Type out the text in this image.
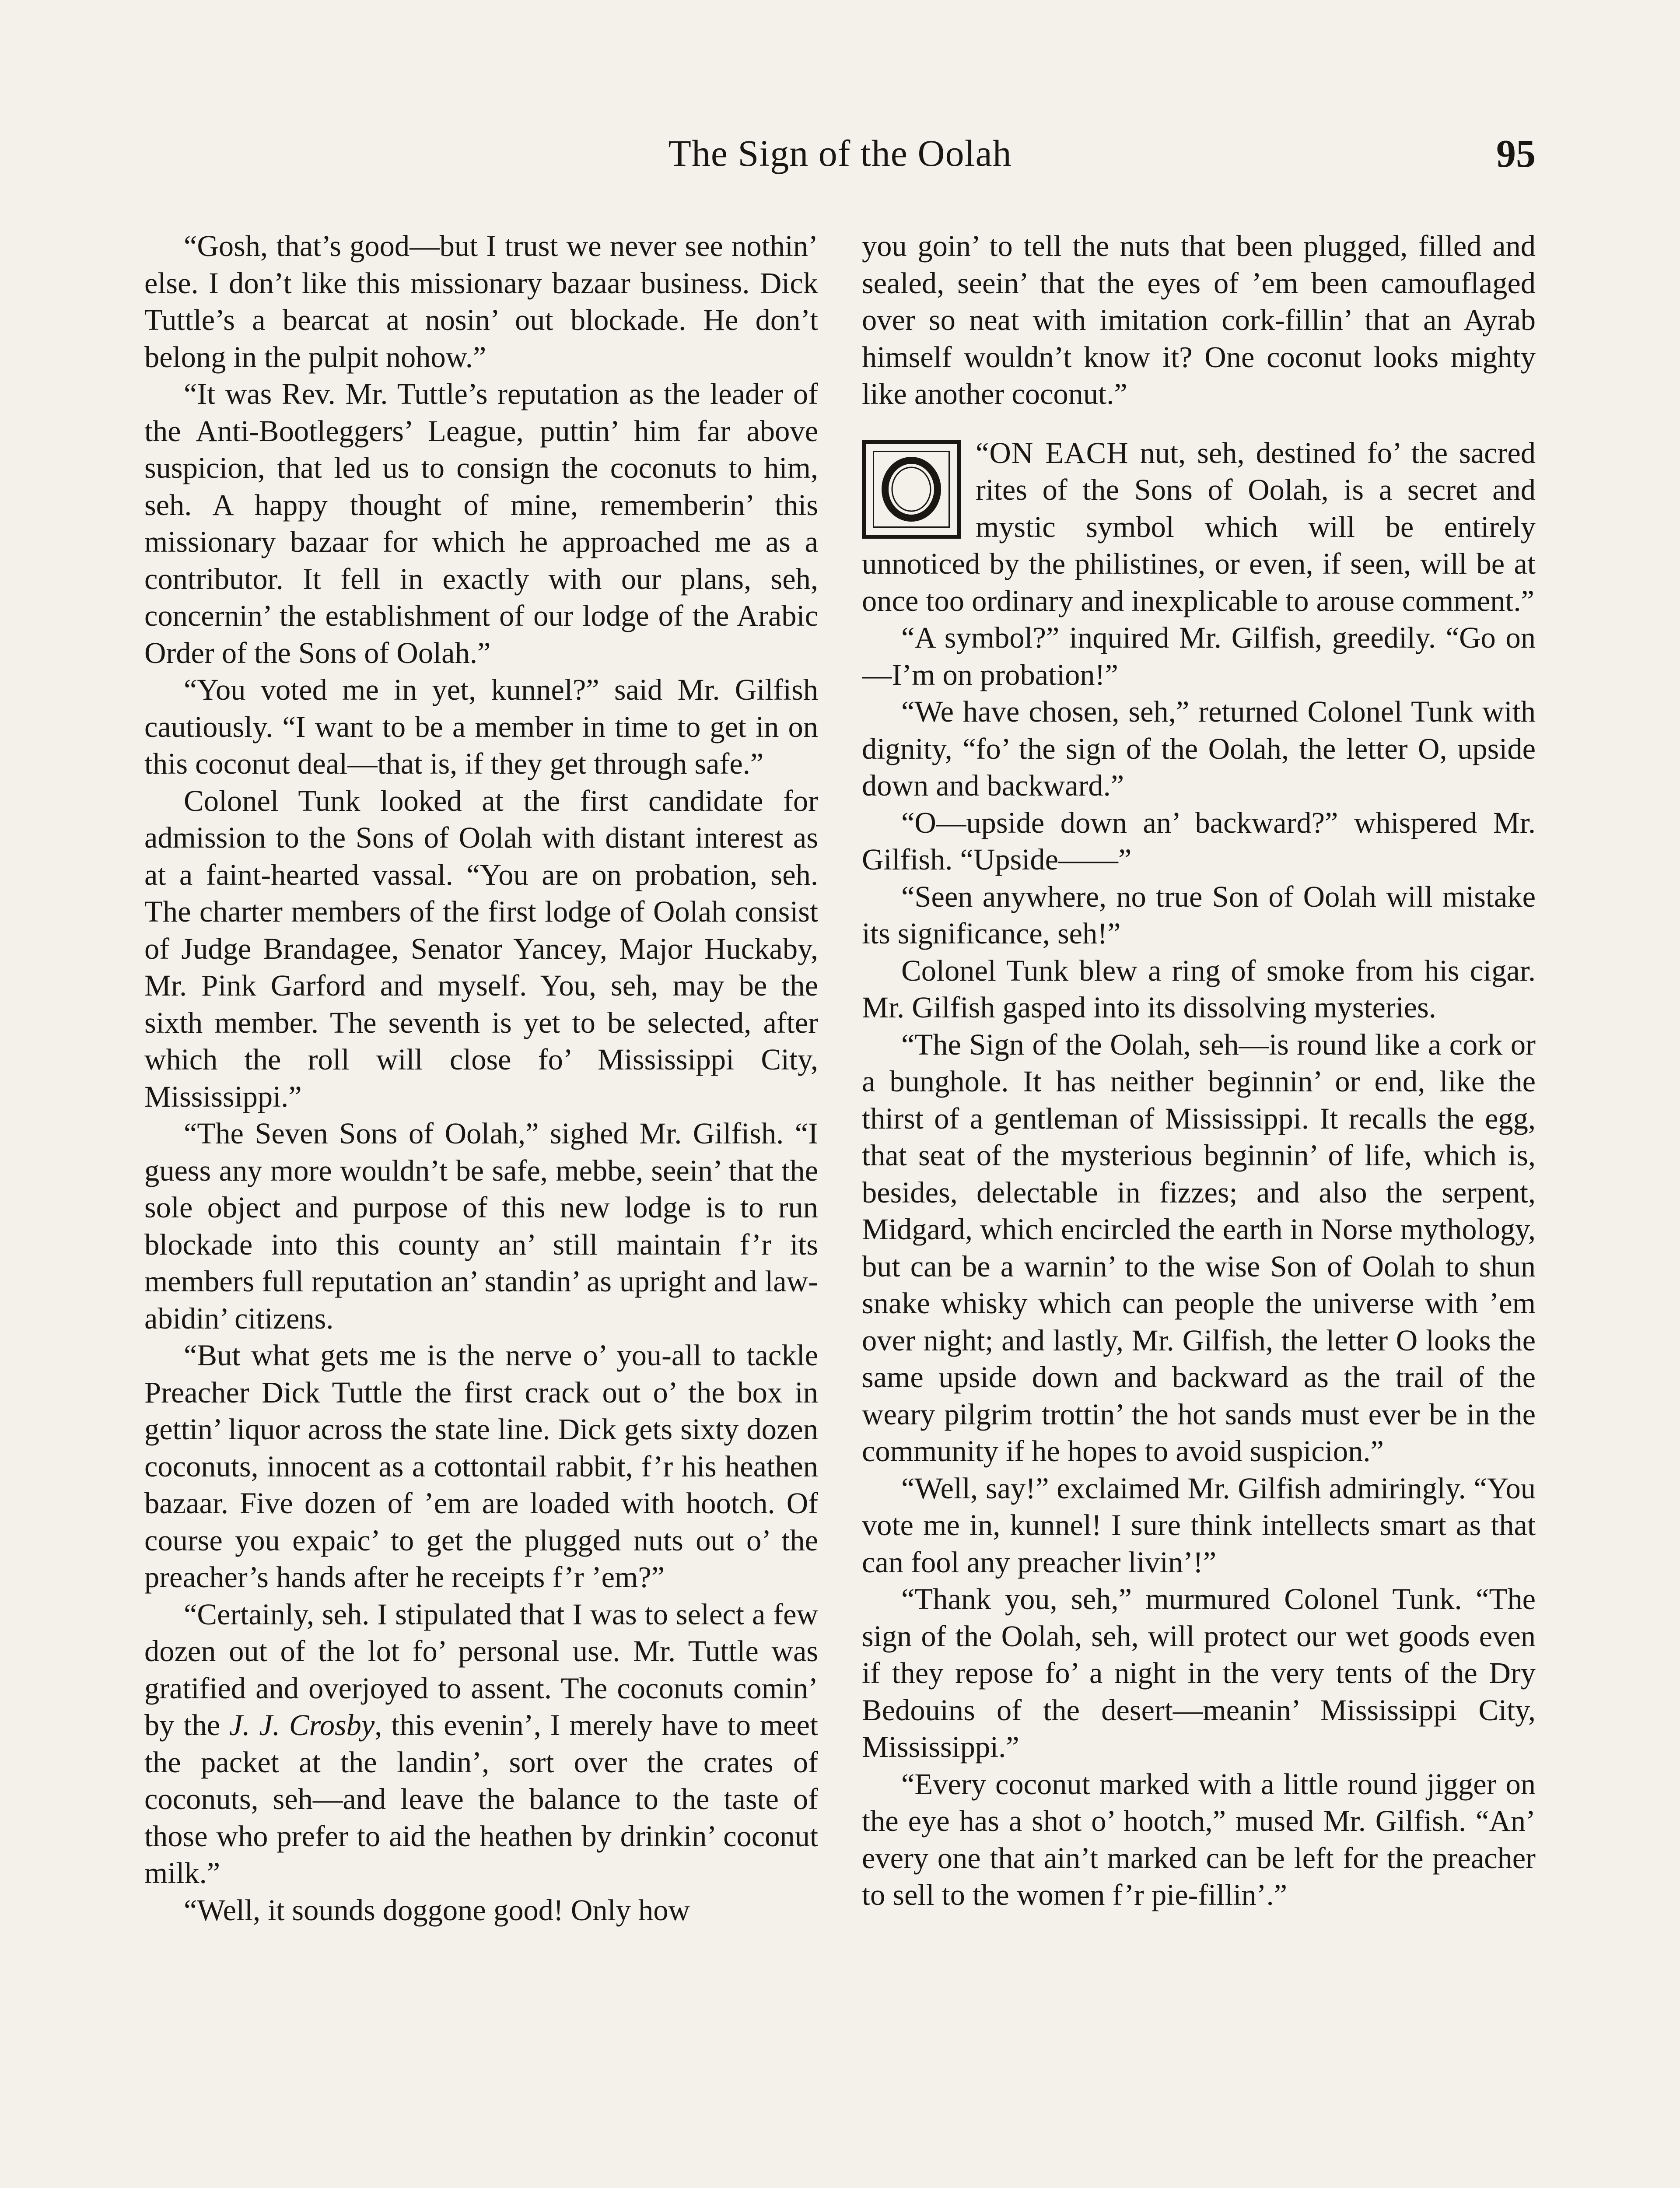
The Sign of the Oolah	95

“Gosh, that’s good—but I trust we never see nothin’ else. I don’t like this missionary bazaar business. Dick Tuttle’s a bearcat at nosin’ out blockade. He don’t belong in the pulpit nohow.”

“It was Rev. Mr. Tuttle’s reputation as the leader of the Anti-Bootleggers’ League, puttin’ him far above suspicion, that led us to consign the coconuts to him, seh. A happy thought of mine, rememberin’ this missionary bazaar for which he approached me as a contributor. It fell in exactly with our plans, seh, concernin’ the establishment of our lodge of the Arabic Order of the Sons of Oolah.”

“You voted me in yet, kunnel?” said Mr. Gilfish cautiously. “I want to be a member in time to get in on this coconut deal—that is, if they get through safe.”

Colonel Tunk looked at the first candidate for admission to the Sons of Oolah with distant interest as at a faint-hearted vassal. “You are on probation, seh. The charter members of the first lodge of Oolah consist of Judge Brandagee, Senator Yancey, Major Huckaby, Mr. Pink Garford and myself. You, seh, may be the sixth member. The seventh is yet to be selected, after which the roll will close fo’ Mississippi City, Mississippi.”

“The Seven Sons of Oolah,” sighed Mr. Gilfish. “I guess any more wouldn’t be safe, mebbe, seein’ that the sole object and purpose of this new lodge is to run blockade into this county an’ still maintain f’r its members full reputation an’ standin’ as upright and law-abidin’ citizens.

“But what gets me is the nerve o’ you-all to tackle Preacher Dick Tuttle the first crack out o’ the box in gettin’ liquor across the state line. Dick gets sixty dozen coconuts, innocent as a cottontail rabbit, f’r his heathen bazaar. Five dozen of ’em are loaded with hootch. Of course you expaic’ to get the plugged nuts out o’ the preacher’s hands after he receipts f’r ’em?”

“Certainly, seh. I stipulated that I was to select a few dozen out of the lot fo’ personal use. Mr. Tuttle was gratified and overjoyed to assent. The coconuts comin’ by the J. J. Crosby, this evenin’, I merely have to meet the packet at the landin’, sort over the crates of coconuts, seh—and leave the balance to the taste of those who prefer to aid the heathen by drinkin’ coconut milk.”

“Well, it sounds doggone good! Only how

you goin’ to tell the nuts that been plugged, filled and sealed, seein’ that the eyes of ’em been camouflaged over so neat with imitation cork-fillin’ that an Ayrab himself wouldn’t know it? One coconut looks mighty like another coconut.”

“ON EACH nut, seh, destined fo’ the sacred rites of the Sons of Oolah, is a secret and mystic symbol which will be entirely unnoticed by the philistines, or even, if seen, will be at once too ordinary and inexplicable to arouse comment.”

“A symbol?” inquired Mr. Gilfish, greedily. “Go on—I’m on probation!”

“We have chosen, seh,” returned Colonel Tunk with dignity, “fo’ the sign of the Oolah, the letter O, upside down and backward.”

“O—upside down an’ backward?” whispered Mr. Gilfish. “Upside——”

“Seen anywhere, no true Son of Oolah will mistake its significance, seh!”

Colonel Tunk blew a ring of smoke from his cigar. Mr. Gilfish gasped into its dissolving mysteries.

“The Sign of the Oolah, seh—is round like a cork or a bunghole. It has neither beginnin’ or end, like the thirst of a gentleman of Mississippi. It recalls the egg, that seat of the mysterious beginnin’ of life, which is, besides, delectable in fizzes; and also the serpent, Midgard, which encircled the earth in Norse mythology, but can be a warnin’ to the wise Son of Oolah to shun snake whisky which can people the universe with ’em over night; and lastly, Mr. Gilfish, the letter O looks the same upside down and backward as the trail of the weary pilgrim trottin’ the hot sands must ever be in the community if he hopes to avoid suspicion.”

“Well, say!” exclaimed Mr. Gilfish admiringly. “You vote me in, kunnel! I sure think intellects smart as that can fool any preacher livin’!”

“Thank you, seh,” murmured Colonel Tunk. “The sign of the Oolah, seh, will protect our wet goods even if they repose fo’ a night in the very tents of the Dry Bedouins of the desert—meanin’ Mississippi City, Mississippi.”

“Every coconut marked with a little round jigger on the eye has a shot o’ hootch,” mused Mr. Gilfish. “An’ every one that ain’t marked can be left for the preacher to sell to the women f’r pie-fillin’.”
